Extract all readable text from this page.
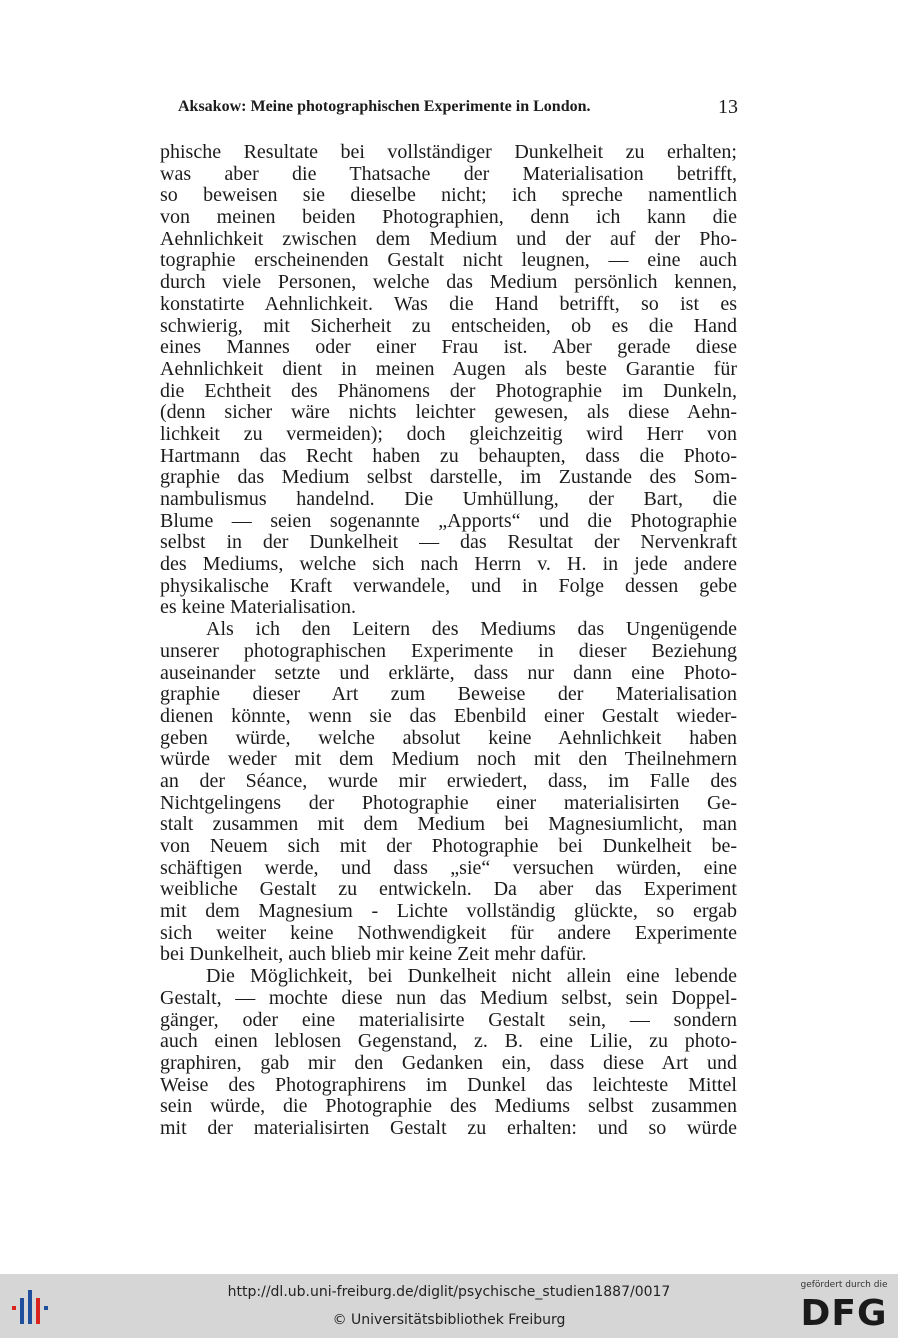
Aksakow: Meine photographischen Experimente in London.	13
phische Resultate bei vollständiger Dunkelheit zu erhalten;
was aber die Thatsache der Materialisation betrifft,
so beweisen sie dieselbe nicht; ich spreche namentlich
von meinen beiden Photographien, denn ich kann die
Aehnlichkeit zwischen dem Medium und der auf der Pho-
tographie erscheinenden Gestalt nicht leugnen, — eine auch
durch viele Personen, welche das Medium persönlich kennen,
konstatirte Aehnlichkeit. Was die Hand betrifft, so ist es
schwierig, mit Sicherheit zu entscheiden, ob es die Hand
eines Mannes oder einer Frau ist. Aber gerade diese
Aehnlichkeit dient in meinen Augen als beste Garantie für
die Echtheit des Phänomens der Photographie im Dunkeln,
(denn sicher wäre nichts leichter gewesen, als diese Aehn-
lichkeit zu vermeiden); doch gleichzeitig wird Herr von
Hartmann das Recht haben zu behaupten, dass die Photo-
graphie das Medium selbst darstelle, im Zustande des Som-
nambulismus handelnd. Die Umhüllung, der Bart, die
Blume — seien sogenannte „Apports“ und die Photographie
selbst in der Dunkelheit — das Resultat der Nervenkraft
des Mediums, welche sich nach Herrn v. H. in jede andere
physikalische Kraft verwandele, und in Folge dessen gebe
es keine Materialisation.
Als ich den Leitern des Mediums das Ungenügende
unserer photographischen Experimente in dieser Beziehung
auseinander setzte und erklärte, dass nur dann eine Photo-
graphie dieser Art zum Beweise der Materialisation
dienen könnte, wenn sie das Ebenbild einer Gestalt wieder-
geben würde, welche absolut keine Aehnlichkeit haben
würde weder mit dem Medium noch mit den Theilnehmern
an der Séance, wurde mir erwiedert, dass, im Falle des
Nichtgelingens der Photographie einer materialisirten Ge-
stalt zusammen mit dem Medium bei Magnesiumlicht, man
von Neuem sich mit der Photographie bei Dunkelheit be-
schäftigen werde, und dass „sie“ versuchen würden, eine
weibliche Gestalt zu entwickeln. Da aber das Experiment
mit dem Magnesium - Lichte vollständig glückte, so ergab
sich weiter keine Nothwendigkeit für andere Experimente
bei Dunkelheit, auch blieb mir keine Zeit mehr dafür.
Die Möglichkeit, bei Dunkelheit nicht allein eine lebende
Gestalt, — mochte diese nun das Medium selbst, sein Doppel-
gänger, oder eine materialisirte Gestalt sein, — sondern
auch einen leblosen Gegenstand, z. B. eine Lilie, zu photo-
graphiren, gab mir den Gedanken ein, dass diese Art und
Weise des Photographirens im Dunkel das leichteste Mittel
sein würde, die Photographie des Mediums selbst zusammen
mit der materialisirten Gestalt zu erhalten: und so würde
http://dl.ub.uni-freiburg.de/diglit/psychische_studien1887/0017
© Universitätsbibliothek Freiburg
gefördert durch die
DFG
